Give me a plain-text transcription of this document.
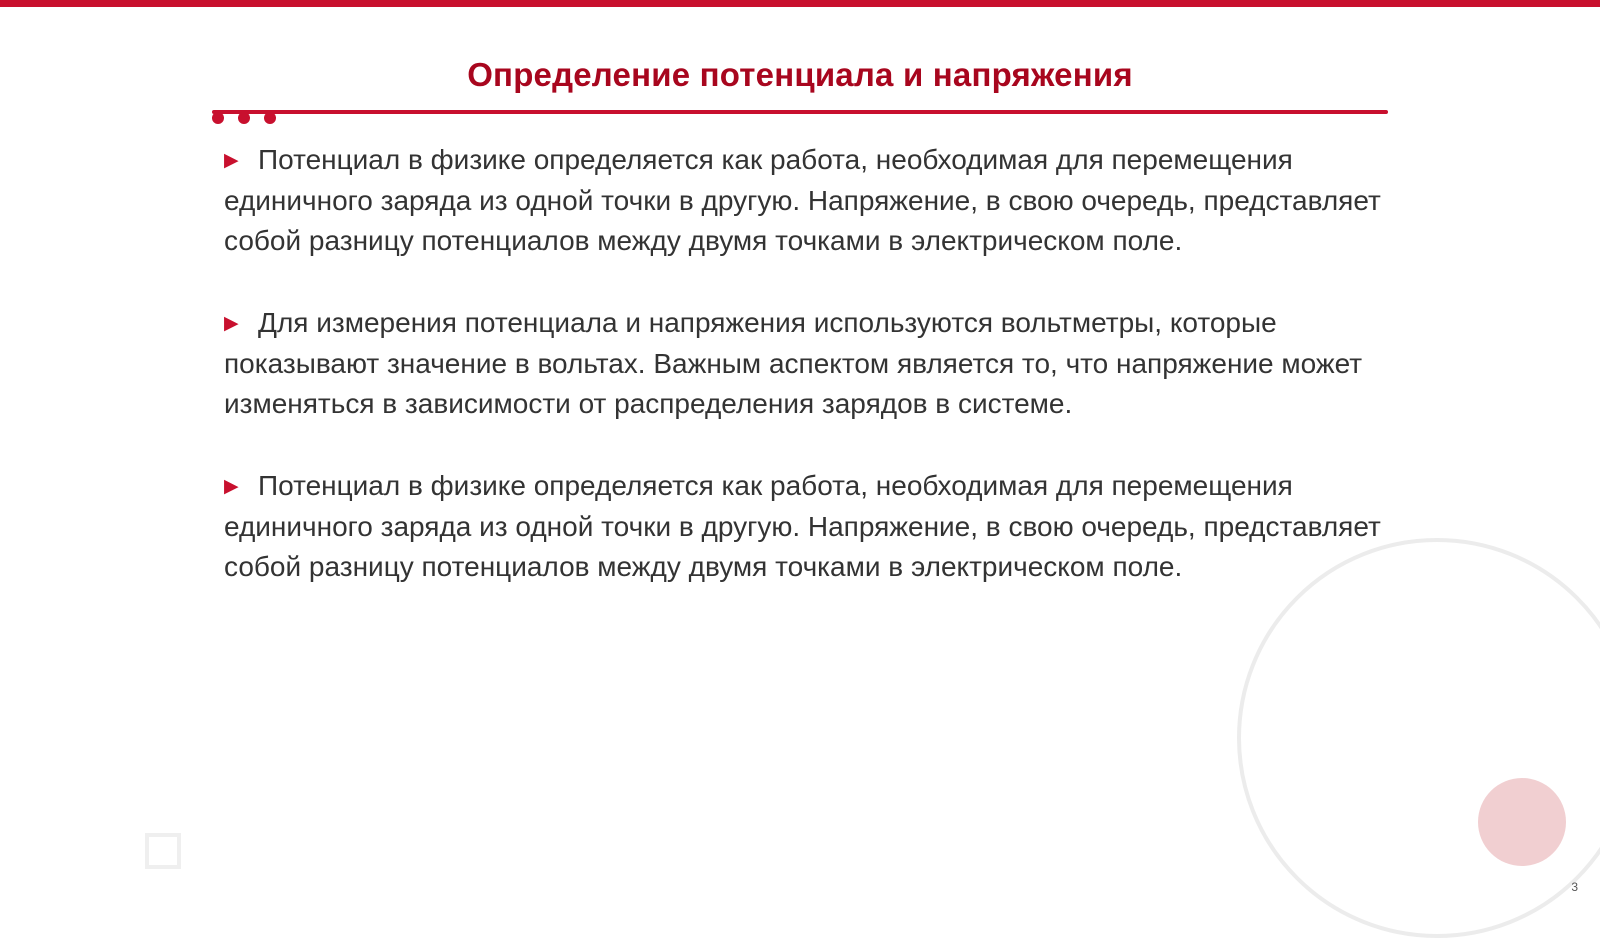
Определение потенциала и напряжения
▶ Потенциал в физике определяется как работа, необходимая для перемещения единичного заряда из одной точки в другую. Напряжение, в свою очередь, представляет собой разницу потенциалов между двумя точками в электрическом поле.
▶ Для измерения потенциала и напряжения используются вольтметры, которые показывают значение в вольтах. Важным аспектом является то, что напряжение может изменяться в зависимости от распределения зарядов в системе.
▶ Потенциал в физике определяется как работа, необходимая для перемещения единичного заряда из одной точки в другую. Напряжение, в свою очередь, представляет собой разницу потенциалов между двумя точками в электрическом поле.
3
